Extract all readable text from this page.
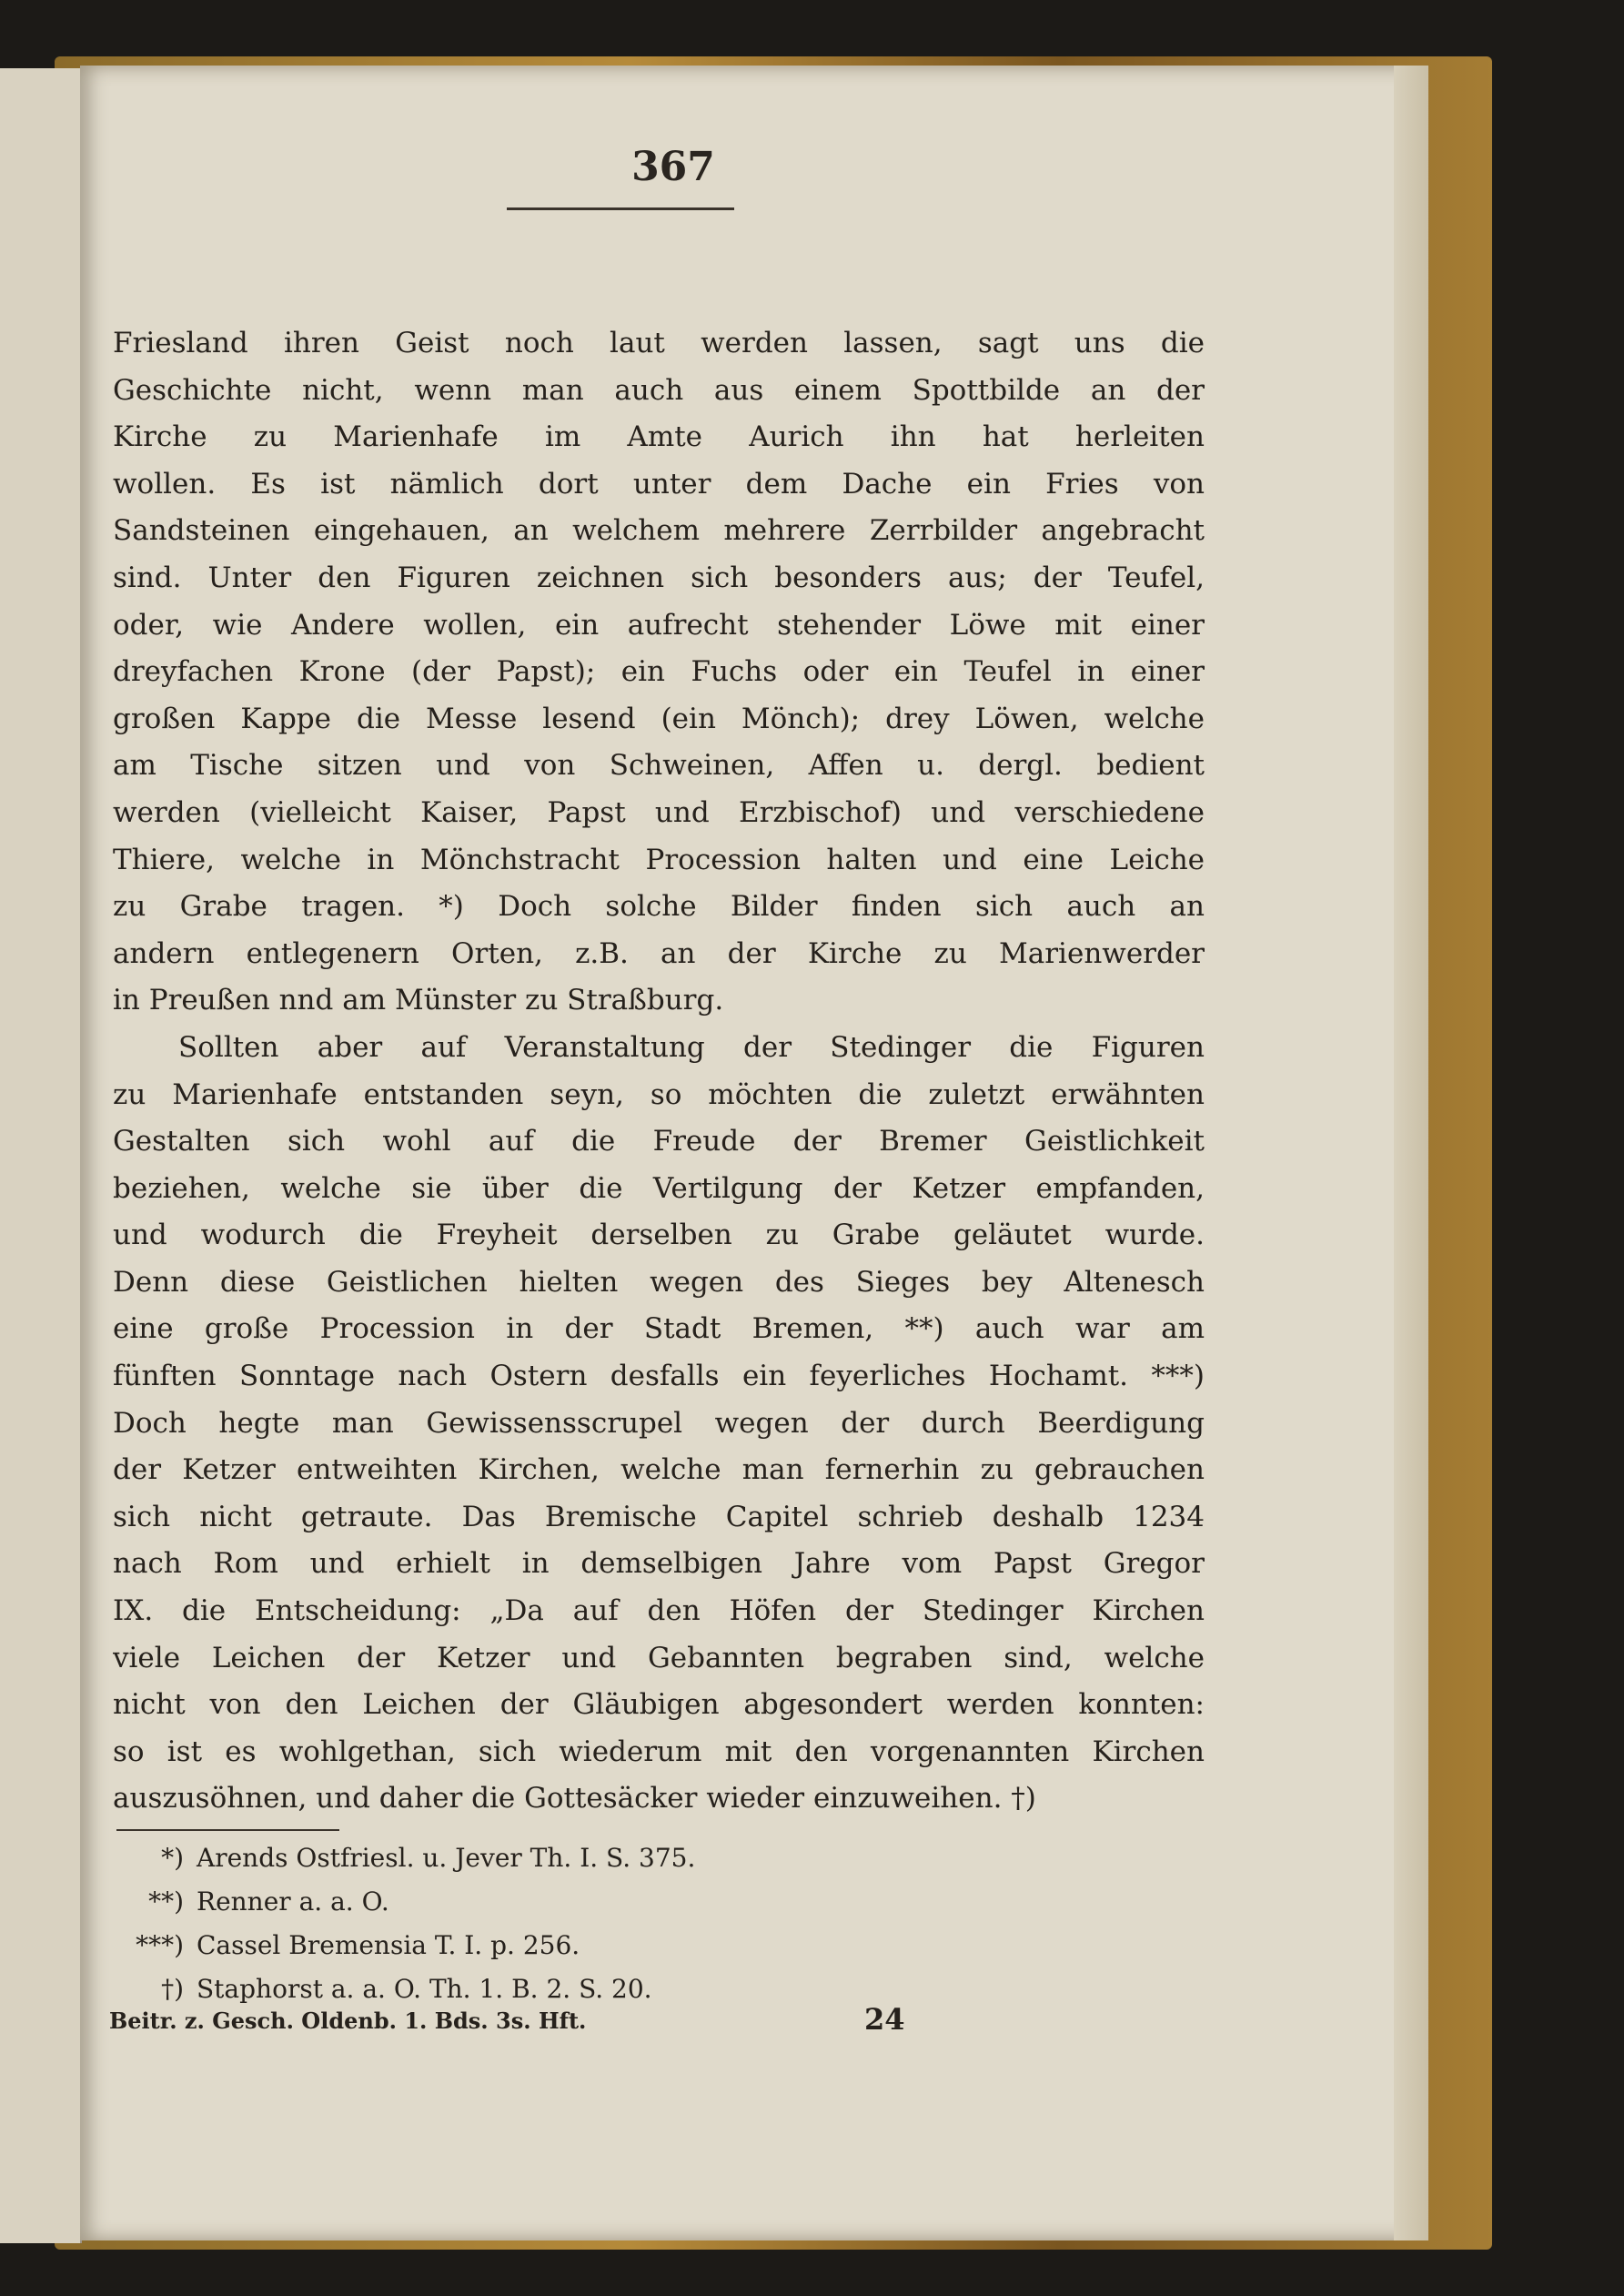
367
Friesland ihren Geist noch laut werden lassen, sagt uns die
Geschichte nicht, wenn man auch aus einem Spottbilde an der
Kirche zu Marienhafe im Amte Aurich ihn hat herleiten
wollen. Es ist nämlich dort unter dem Dache ein Fries von
Sandsteinen eingehauen, an welchem mehrere Zerrbilder angebracht
sind. Unter den Figuren zeichnen sich besonders aus; der Teufel,
oder, wie Andere wollen, ein aufrecht stehender Löwe mit einer
dreyfachen Krone (der Papst); ein Fuchs oder ein Teufel in einer
großen Kappe die Messe lesend (ein Mönch); drey Löwen, welche
am Tische sitzen und von Schweinen, Affen u. dergl. bedient
werden (vielleicht Kaiser, Papst und Erzbischof) und verschiedene
Thiere, welche in Mönchstracht Procession halten und eine Leiche
zu Grabe tragen. *) Doch solche Bilder finden sich auch an
andern entlegenern Orten, z.B. an der Kirche zu Marienwerder
in Preußen nnd am Münster zu Straßburg.
Sollten aber auf Veranstaltung der Stedinger die Figuren
zu Marienhafe entstanden seyn, so möchten die zuletzt erwähnten
Gestalten sich wohl auf die Freude der Bremer Geistlichkeit
beziehen, welche sie über die Vertilgung der Ketzer empfanden,
und wodurch die Freyheit derselben zu Grabe geläutet wurde.
Denn diese Geistlichen hielten wegen des Sieges bey Altenesch
eine große Procession in der Stadt Bremen, **) auch war am
fünften Sonntage nach Ostern desfalls ein feyerliches Hochamt. ***)
Doch hegte man Gewissensscrupel wegen der durch Beerdigung
der Ketzer entweihten Kirchen, welche man fernerhin zu gebrauchen
sich nicht getraute. Das Bremische Capitel schrieb deshalb 1234
nach Rom und erhielt in demselbigen Jahre vom Papst Gregor
IX. die Entscheidung: „Da auf den Höfen der Stedinger Kirchen
viele Leichen der Ketzer und Gebannten begraben sind, welche
nicht von den Leichen der Gläubigen abgesondert werden konnten:
so ist es wohlgethan, sich wiederum mit den vorgenannten Kirchen
auszusöhnen, und daher die Gottesäcker wieder einzuweihen. †)
*) Arends Ostfriesl. u. Jever Th. I. S. 375.
**) Renner a. a. O.
***) Cassel Bremensia T. I. p. 256.
†) Staphorst a. a. O. Th. 1. B. 2. S. 20.
Beitr. z. Gesch. Oldenb. 1. Bds. 3s. Hft.	24
